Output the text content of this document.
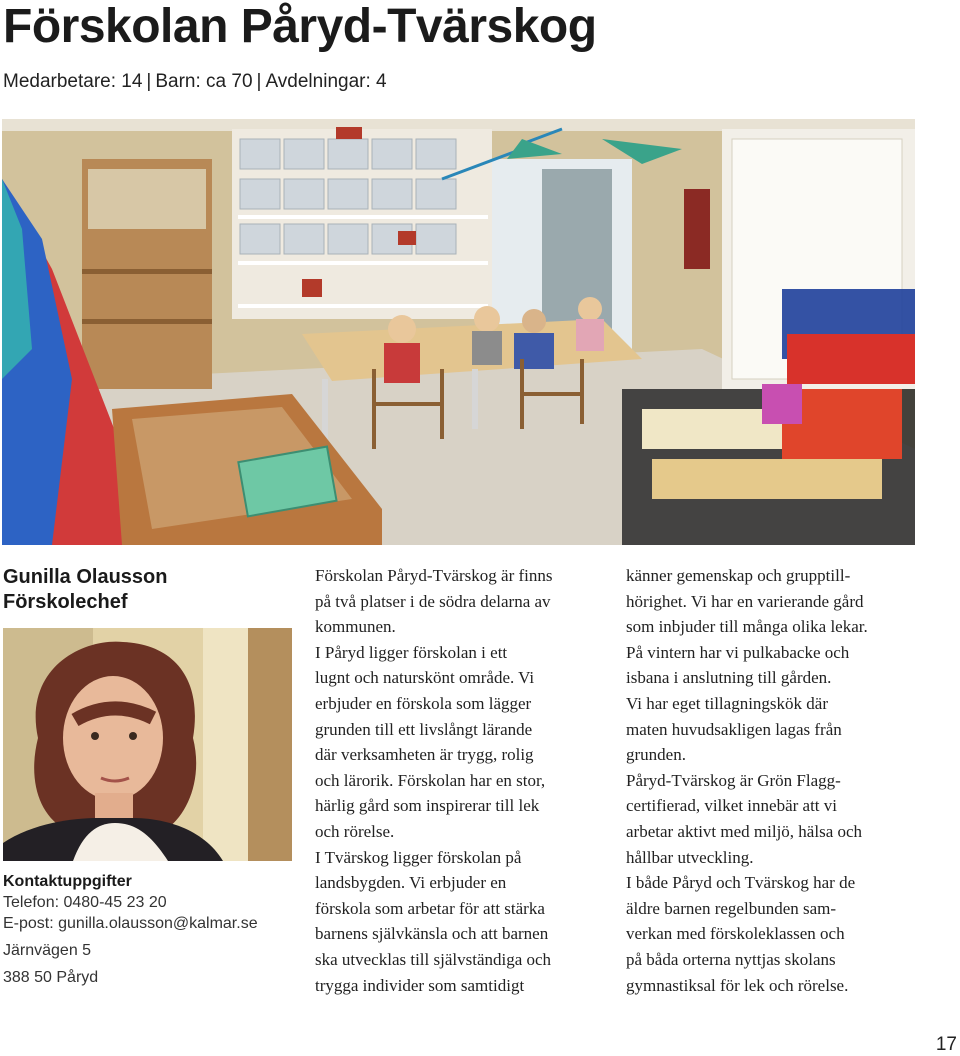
Förskolan Påryd-Tvärskog
Medarbetare: 14 | Barn: ca 70 | Avdelningar: 4
Gunilla Olausson
Förskolechef
Kontaktuppgifter
Telefon: 0480-45 23 20
E-post: gunilla.olausson@kalmar.se
Järnvägen 5
388 50 Påryd

Förskolan Påryd-Tvärskog är finns

på två platser i de södra delarna av

kommunen.

I Påryd ligger förskolan i ett

lugnt och naturskönt område. Vi

erbjuder en förskola som lägger

grunden till ett livslångt lärande

där verksamheten är trygg, rolig

och lärorik. Förskolan har en stor,

härlig gård som inspirerar till lek

och rörelse.

I Tvärskog ligger förskolan på

landsbygden. Vi erbjuder en

förskola som arbetar för att stärka

barnens självkänsla och att barnen

ska utvecklas till självständiga och

trygga individer som samtidigt

känner gemenskap och grupptill-

hörighet. Vi har en varierande gård

som inbjuder till många olika lekar.

På vintern har vi pulkabacke och

isbana i anslutning till gården.

Vi har eget tillagningskök där

maten huvudsakligen lagas från

grunden.

Påryd-Tvärskog är Grön Flagg-

certifierad, vilket innebär att vi

arbetar aktivt med miljö, hälsa och

hållbar utveckling.

I både Påryd och Tvärskog har de

äldre barnen regelbunden sam-

verkan med förskoleklassen och

på båda orterna nyttjas skolans

gymnastiksal för lek och rörelse.

17
